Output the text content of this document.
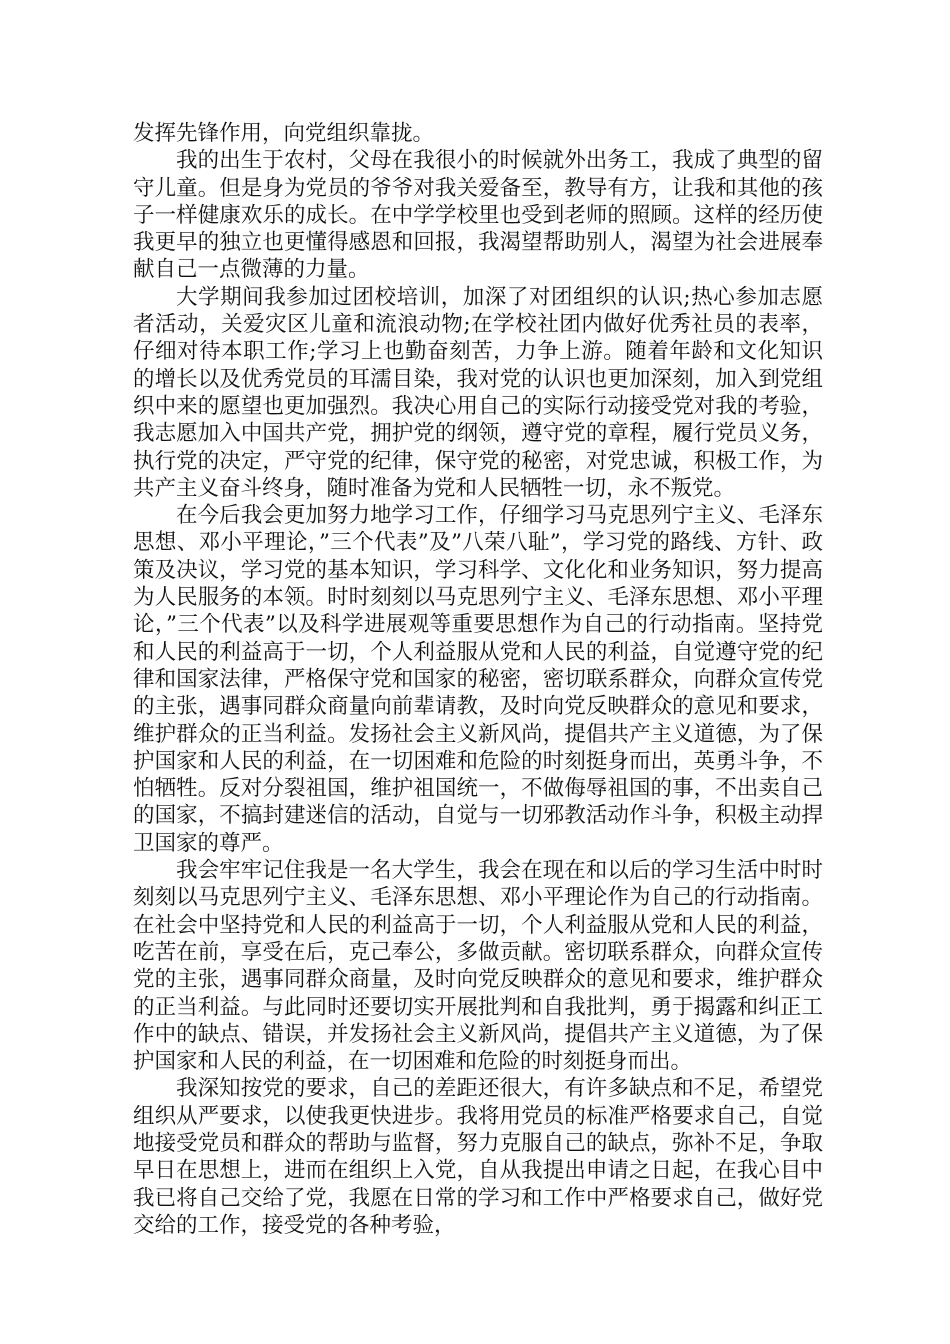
发挥先锋作用，向党组织靠拢。

我的出生于农村，父母在我很小的时候就外出务工，我成了典型的留守儿童。但是身为党员的爷爷对我关爱备至，教导有方，让我和其他的孩子一样健康欢乐的成长。在中学学校里也受到老师的照顾。这样的经历使我更早的独立也更懂得感恩和回报，我渴望帮助别人，渴望为社会进展奉献自己一点微薄的力量。

大学期间我参加过团校培训，加深了对团组织的认识;热心参加志愿者活动，关爱灾区儿童和流浪动物;在学校社团内做好优秀社员的表率，仔细对待本职工作;学习上也勤奋刻苦，力争上游。随着年龄和文化知识的增长以及优秀党员的耳濡目染，我对党的认识也更加深刻，加入到党组织中来的愿望也更加强烈。我决心用自己的实际行动接受党对我的考验，我志愿加入中国共产党，拥护党的纲领，遵守党的章程，履行党员义务，执行党的决定，严守党的纪律，保守党的秘密，对党忠诚，积极工作，为共产主义奋斗终身，随时准备为党和人民牺牲一切，永不叛党。

在今后我会更加努力地学习工作，仔细学习马克思列宁主义、毛泽东思想、邓小平理论，”三个代表”及”八荣八耻”，学习党的路线、方针、政策及决议，学习党的基本知识，学习科学、文化化和业务知识，努力提高为人民服务的本领。时时刻刻以马克思列宁主义、毛泽东思想、邓小平理论，”三个代表”以及科学进展观等重要思想作为自己的行动指南。坚持党和人民的利益高于一切，个人利益服从党和人民的利益，自觉遵守党的纪律和国家法律，严格保守党和国家的秘密，密切联系群众，向群众宣传党的主张，遇事同群众商量向前辈请教，及时向党反映群众的意见和要求，维护群众的正当利益。发扬社会主义新风尚，提倡共产主义道德，为了保护国家和人民的利益，在一切困难和危险的时刻挺身而出，英勇斗争，不怕牺牲。反对分裂祖国，维护祖国统一，不做侮辱祖国的事，不出卖自己的国家，不搞封建迷信的活动，自觉与一切邪教活动作斗争，积极主动捍卫国家的尊严。

我会牢牢记住我是一名大学生，我会在现在和以后的学习生活中时时刻刻以马克思列宁主义、毛泽东思想、邓小平理论作为自己的行动指南。在社会中坚持党和人民的利益高于一切，个人利益服从党和人民的利益，吃苦在前，享受在后，克己奉公，多做贡献。密切联系群众，向群众宣传党的主张，遇事同群众商量，及时向党反映群众的意见和要求，维护群众的正当利益。与此同时还要切实开展批判和自我批判，勇于揭露和纠正工作中的缺点、错误，并发扬社会主义新风尚，提倡共产主义道德，为了保护国家和人民的利益，在一切困难和危险的时刻挺身而出。

我深知按党的要求，自己的差距还很大，有许多缺点和不足，希望党组织从严要求，以使我更快进步。我将用党员的标准严格要求自己，自觉地接受党员和群众的帮助与监督，努力克服自己的缺点，弥补不足，争取早日在思想上，进而在组织上入党，自从我提出申请之日起，在我心目中我已将自己交给了党，我愿在日常的学习和工作中严格要求自己，做好党交给的工作，接受党的各种考验，
